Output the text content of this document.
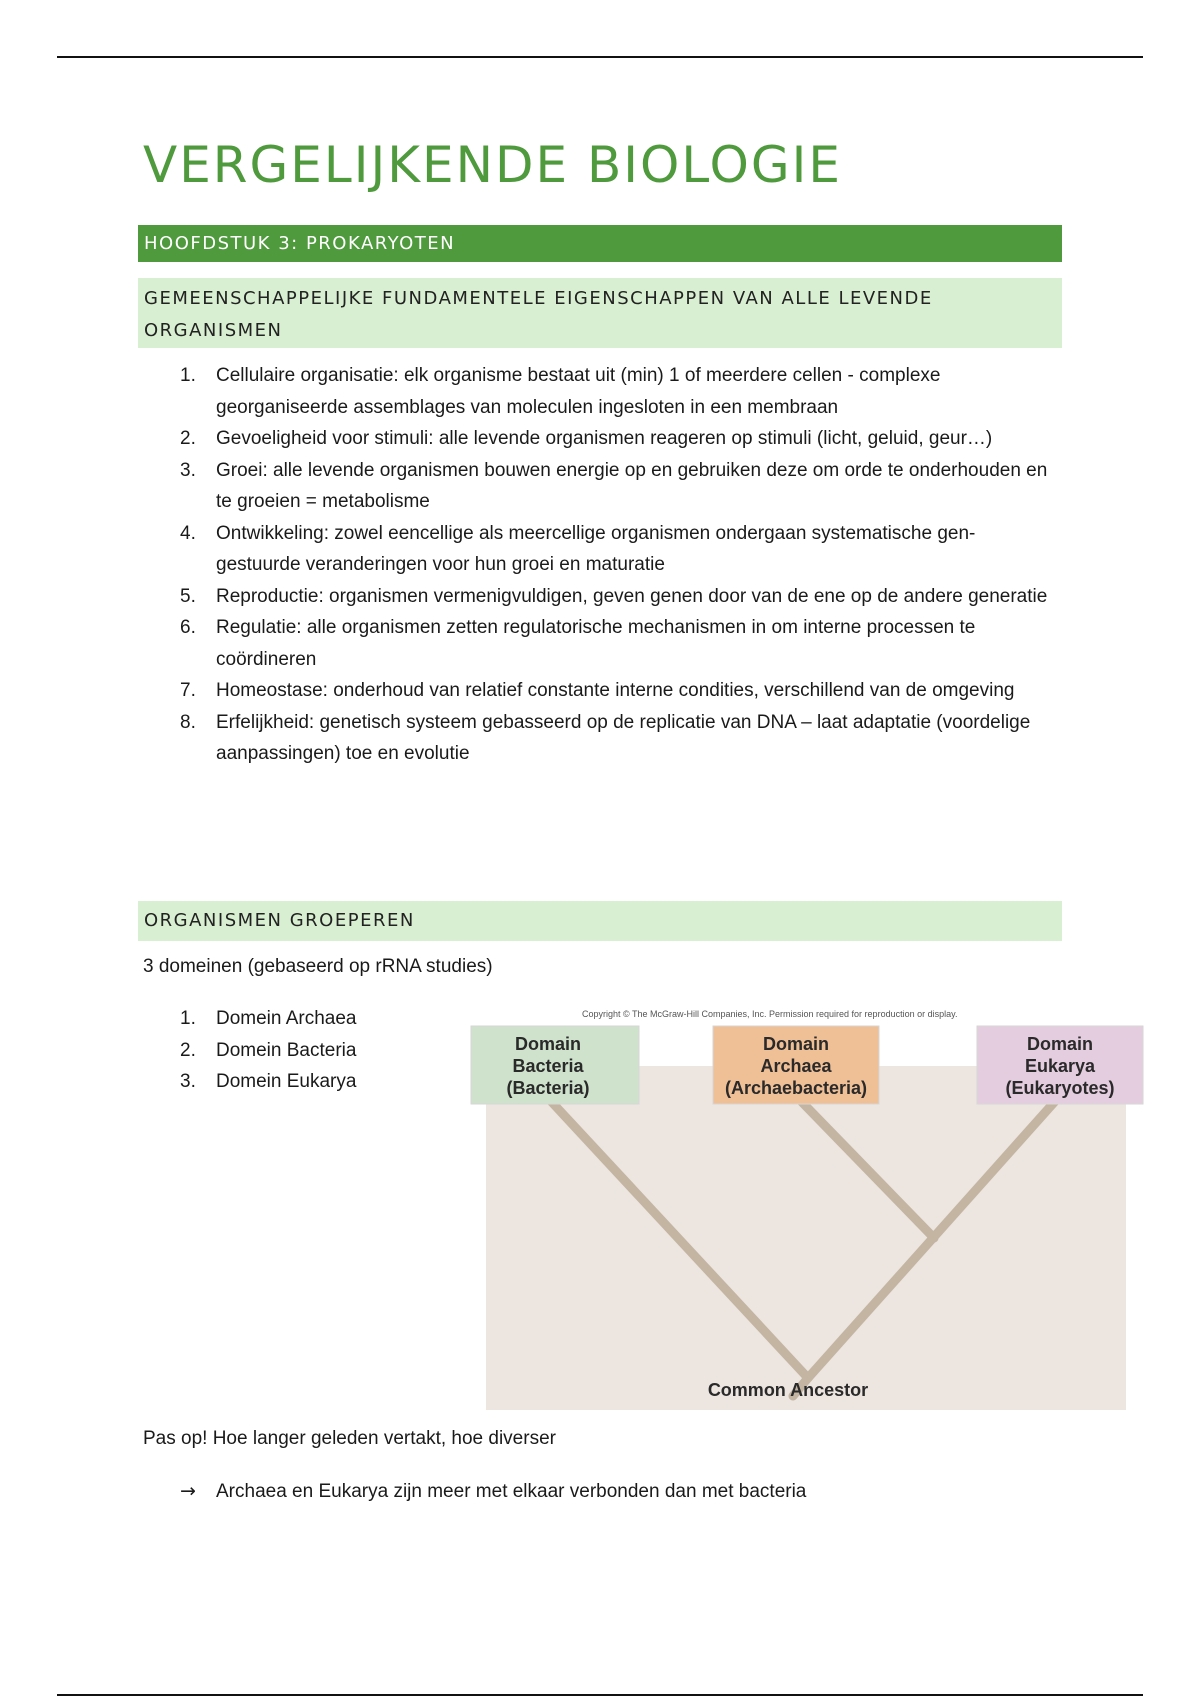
VERGELIJKENDE BIOLOGIE
HOOFDSTUK 3: PROKARYOTEN
GEMEENSCHAPPELIJKE FUNDAMENTELE EIGENSCHAPPEN VAN ALLE LEVENDE ORGANISMEN
1. Cellulaire organisatie: elk organisme bestaat uit (min) 1 of meerdere cellen - complexe georganiseerde assemblages van moleculen ingesloten in een membraan
2. Gevoeligheid voor stimuli: alle levende organismen reageren op stimuli (licht, geluid, geur…)
3. Groei: alle levende organismen bouwen energie op en gebruiken deze om orde te onderhouden en te groeien = metabolisme
4. Ontwikkeling: zowel eencellige als meercellige organismen ondergaan systematische gen-gestuurde veranderingen voor hun groei en maturatie
5. Reproductie: organismen vermenigvuldigen, geven genen door van de ene op de andere generatie
6. Regulatie: alle organismen zetten regulatorische mechanismen in om interne processen te coördineren
7. Homeostase: onderhoud van relatief constante interne condities, verschillend van de omgeving
8. Erfelijkheid: genetisch systeem gebasseerd op de replicatie van DNA – laat adaptatie (voordelige aanpassingen) toe en evolutie
ORGANISMEN GROEPEREN
3 domeinen (gebaseerd op rRNA studies)
1. Domein Archaea
2. Domein Bacteria
3. Domein Eukarya
Copyright © The McGraw-Hill Companies, Inc. Permission required for reproduction or display.
Domain
Bacteria
(Bacteria)
Domain
Archaea
(Archaebacteria)
Domain
Eukarya
(Eukaryotes)
Common Ancestor
Pas op! Hoe langer geleden vertakt, hoe diverser
→ Archaea en Eukarya zijn meer met elkaar verbonden dan met bacteria
